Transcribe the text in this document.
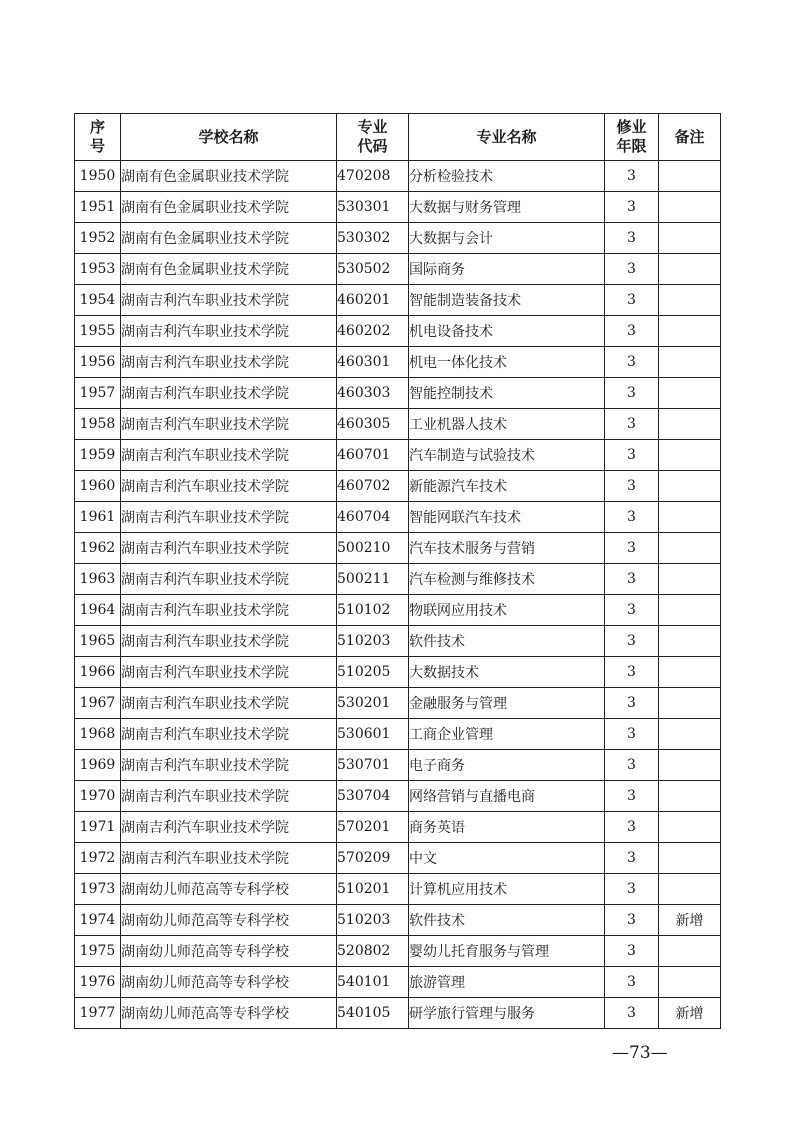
序号	学校名称	专业代码	专业名称	修业年限	备注
1950	湖南有色金属职业技术学院	470208	分析检验技术	3	
1951	湖南有色金属职业技术学院	530301	大数据与财务管理	3	
1952	湖南有色金属职业技术学院	530302	大数据与会计	3	
1953	湖南有色金属职业技术学院	530502	国际商务	3	
1954	湖南吉利汽车职业技术学院	460201	智能制造装备技术	3	
1955	湖南吉利汽车职业技术学院	460202	机电设备技术	3	
1956	湖南吉利汽车职业技术学院	460301	机电一体化技术	3	
1957	湖南吉利汽车职业技术学院	460303	智能控制技术	3	
1958	湖南吉利汽车职业技术学院	460305	工业机器人技术	3	
1959	湖南吉利汽车职业技术学院	460701	汽车制造与试验技术	3	
1960	湖南吉利汽车职业技术学院	460702	新能源汽车技术	3	
1961	湖南吉利汽车职业技术学院	460704	智能网联汽车技术	3	
1962	湖南吉利汽车职业技术学院	500210	汽车技术服务与营销	3	
1963	湖南吉利汽车职业技术学院	500211	汽车检测与维修技术	3	
1964	湖南吉利汽车职业技术学院	510102	物联网应用技术	3	
1965	湖南吉利汽车职业技术学院	510203	软件技术	3	
1966	湖南吉利汽车职业技术学院	510205	大数据技术	3	
1967	湖南吉利汽车职业技术学院	530201	金融服务与管理	3	
1968	湖南吉利汽车职业技术学院	530601	工商企业管理	3	
1969	湖南吉利汽车职业技术学院	530701	电子商务	3	
1970	湖南吉利汽车职业技术学院	530704	网络营销与直播电商	3	
1971	湖南吉利汽车职业技术学院	570201	商务英语	3	
1972	湖南吉利汽车职业技术学院	570209	中文	3	
1973	湖南幼儿师范高等专科学校	510201	计算机应用技术	3	
1974	湖南幼儿师范高等专科学校	510203	软件技术	3	新增
1975	湖南幼儿师范高等专科学校	520802	婴幼儿托育服务与管理	3	
1976	湖南幼儿师范高等专科学校	540101	旅游管理	3	
1977	湖南幼儿师范高等专科学校	540105	研学旅行管理与服务	3	新增
—73—
